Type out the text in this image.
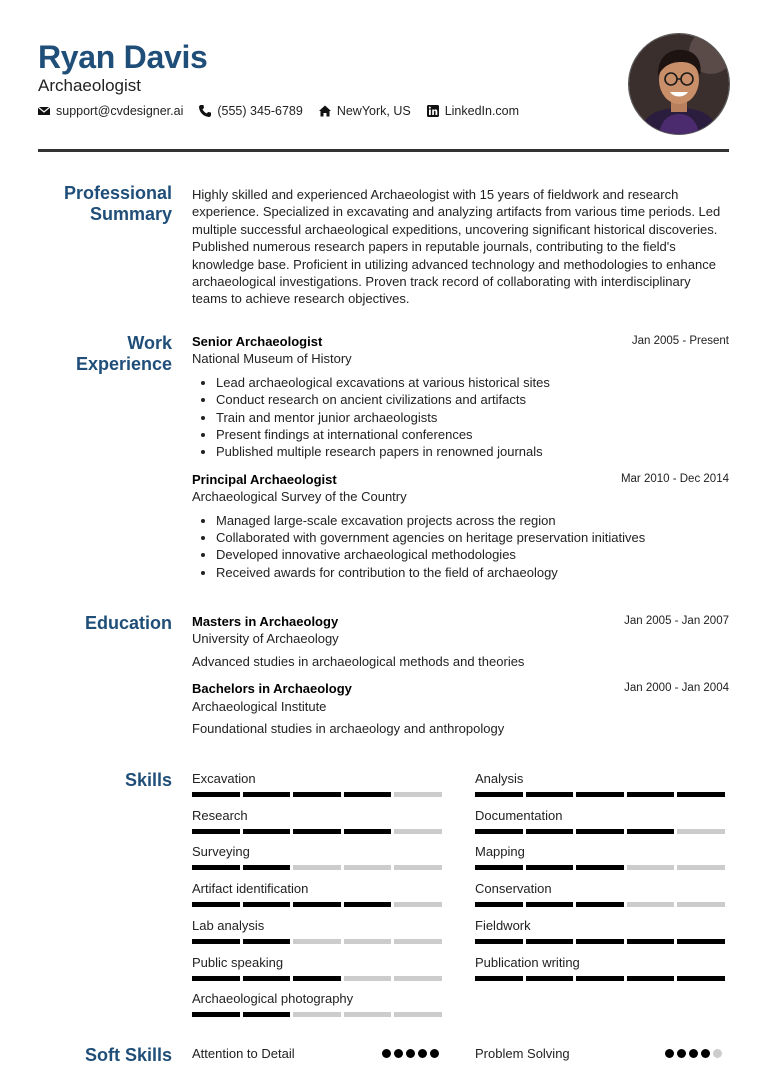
Ryan Davis
Archaeologist
support@cvdesigner.ai	(555) 345-6789	NewYork, US	LinkedIn.com
Professional
Summary
Highly skilled and experienced Archaeologist with 15 years of fieldwork and research experience. Specialized in excavating and analyzing artifacts from various time periods. Led multiple successful archaeological expeditions, uncovering significant historical discoveries. Published numerous research papers in reputable journals, contributing to the field's knowledge base. Proficient in utilizing advanced technology and methodologies to enhance archaeological investigations. Proven track record of collaborating with interdisciplinary teams to achieve research objectives.
Work
Experience
Senior Archaeologist
National Museum of History
Jan 2005 - Present
• Lead archaeological excavations at various historical sites
• Conduct research on ancient civilizations and artifacts
• Train and mentor junior archaeologists
• Present findings at international conferences
• Published multiple research papers in renowned journals
Principal Archaeologist
Archaeological Survey of the Country
Mar 2010 - Dec 2014
• Managed large-scale excavation projects across the region
• Collaborated with government agencies on heritage preservation initiatives
• Developed innovative archaeological methodologies
• Received awards for contribution to the field of archaeology
Education Masters in Archaeology
University of Archaeology
Jan 2005 - Jan 2007
Advanced studies in archaeological methods and theories
Bachelors in Archaeology
Archaeological Institute
Jan 2000 - Jan 2004
Foundational studies in archaeology and anthropology
Skills Excavation	Analysis
Research	Documentation
Surveying	Mapping
Artifact identification	Conservation
Lab analysis	Fieldwork
Public speaking	Publication writing
Archaeological photography
Soft Skills Attention to Detail	Problem Solving
